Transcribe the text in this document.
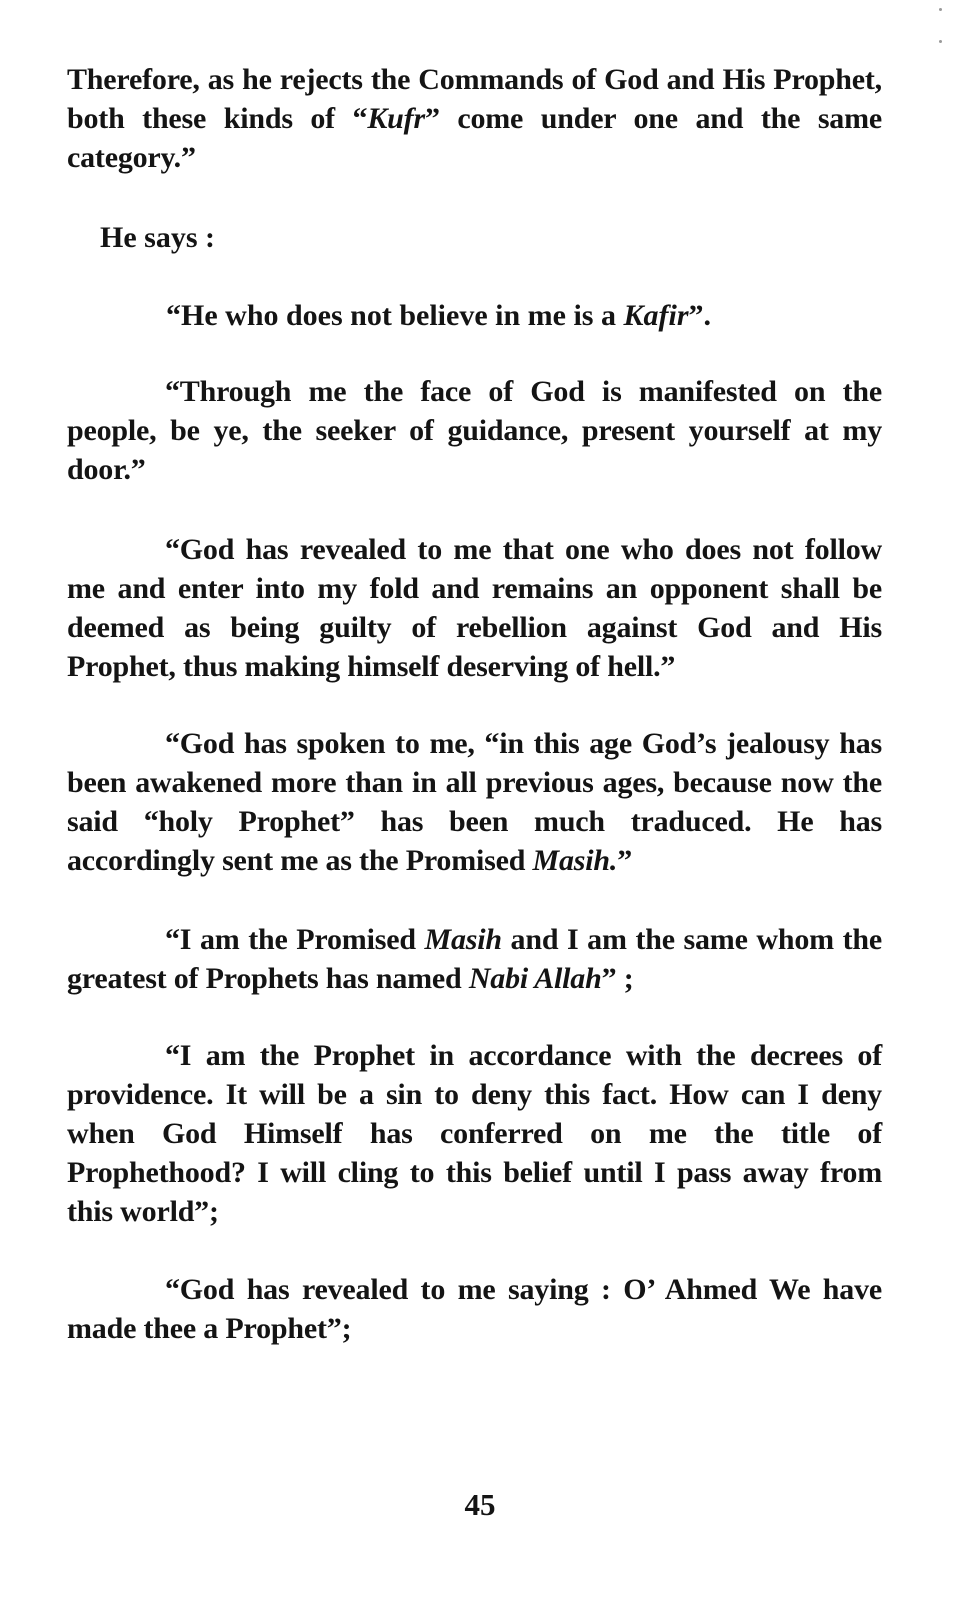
Therefore, as he rejects the Commands of God and His Prophet, both these kinds of “Kufr” come under one and the same category.”

He says :

“He who does not believe in me is a Kafir”.

“Through me the face of God is manifested on the people, be ye, the seeker of guidance, present yourself at my door.”

“God has revealed to me that one who does not follow me and enter into my fold and remains an opponent shall be deemed as being guilty of rebellion against God and His Prophet, thus making himself deserving of hell.”

“God has spoken to me, “in this age God’s jealousy has been awakened more than in all previous ages, because now the said “holy Prophet” has been much traduced. He has accordingly sent me as the Promised Masih.”

“I am the Promised Masih and I am the same whom the greatest of Prophets has named Nabi Allah” ;

“I am the Prophet in accordance with the decrees of providence. It will be a sin to deny this fact. How can I deny when God Himself has conferred on me the title of Prophethood? I will cling to this belief until I pass away from this world”;

“God has revealed to me saying : O’ Ahmed We have made thee a Prophet”;

45
